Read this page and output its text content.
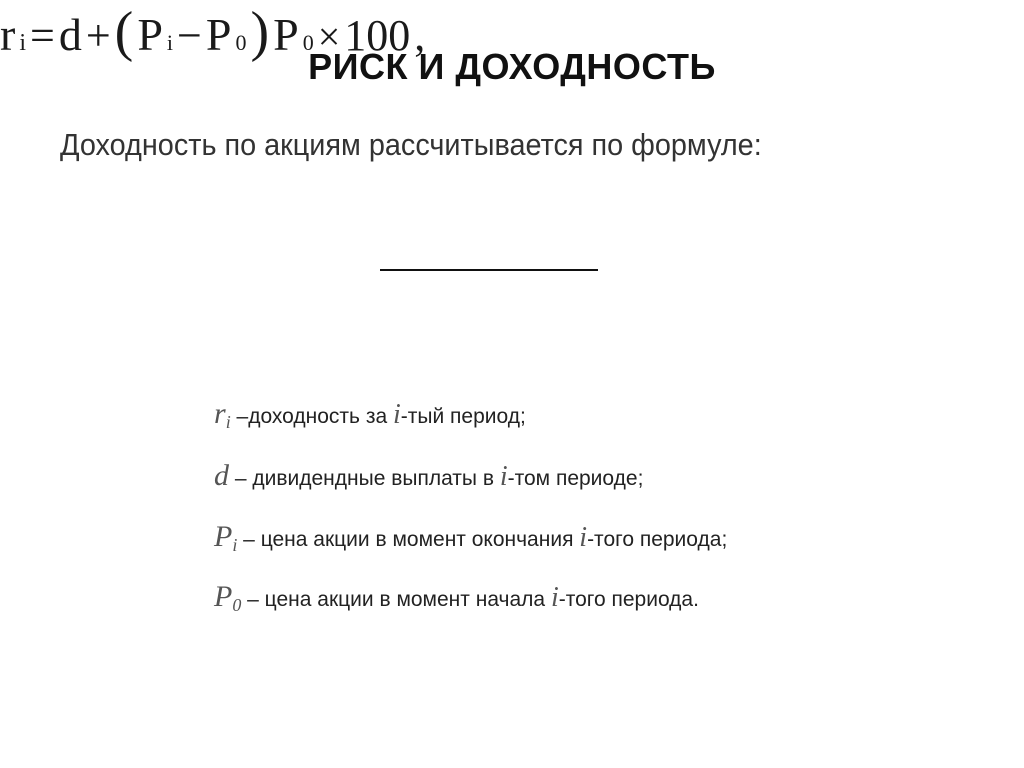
РИСК И ДОХОДНОСТЬ
Доходность по акциям рассчитывается по формуле:
r i = d + ( P i − P 0 )
P 0 × 100 ,
$r_i$ –доходность за i-тый период;
d – дивидендные выплаты в i-том периоде;
$P_i$ – цена акции в момент окончания i-того периода;
$P_0$ – цена акции в момент начала i-того периода.
